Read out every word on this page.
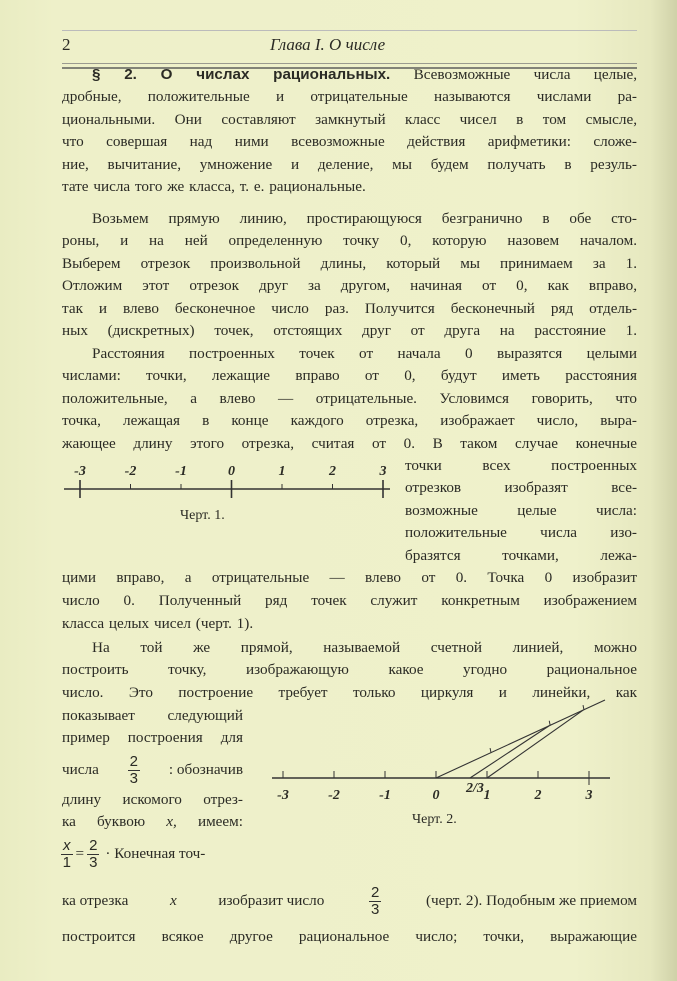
2	Глава I. О числе
§ 2. О числах рациональных. Всевозможные числа целые,
дробные, положительные и отрицательные называются числами ра-
циональными. Они составляют замкнутый класс чисел в том смысле,
что совершая над ними всевозможные действия арифметики: сложе-
ние, вычитание, умножение и деление, мы будем получать в резуль-
тате числа того же класса, т. е. рациональные.
Возьмем прямую линию, простирающуюся безгранично в обе сто-
роны, и на ней определенную точку 0, которую назовем началом.
Выберем отрезок произвольной длины, который мы принимаем за 1.
Отложим этот отрезок друг за другом, начиная от 0, как вправо,
так и влево бесконечное число раз. Получится бесконечный ряд отдель-
ных (дискретных) точек, отстоящих друг от друга на расстояние 1.
Расстояния построенных точек от начала 0 выразятся целыми
числами: точки, лежащие вправо от 0, будут иметь расстояния
положительные, а влево — отрицательные. Условимся говорить, что
точка, лежащая в конце каждого отрезка, изображает число, выра-
жающее длину этого отрезка, считая от 0. В таком случае конечные
точки всех построенных
отрезков изобразят все-
возможные целые числа:
положительные числа изо-
бразятся точками, лежа-
цими вправо, а отрицательные — влево от 0. Точка 0 изобразит
число 0. Полученный ряд точек служит конкретным изображением
класса целых чисел (черт. 1).
-3	-2	-1	0	1	2	3
-3	-2	-1	0	1	2	3
2/3
Черт. 1.
На той же прямой, называемой счетной линией, можно
построить точку, изображающую какое угодно рациональное
число. Это построение требует только циркуля и линейки, как
показывает следующий
пример построения для
числа $\frac{2}{3}$ : обозначив
длину искомого отрез-
ка буквою x, имеем:
$\frac{x}{1} = \frac{2}{3}$ · Конечная точ-
ка отрезка	x	изобразит число	$\frac{2}{3}$	(черт. 2). Подобным же приемом
построится всякое другое рациональное число; точки, выражающие
Черт. 2.
